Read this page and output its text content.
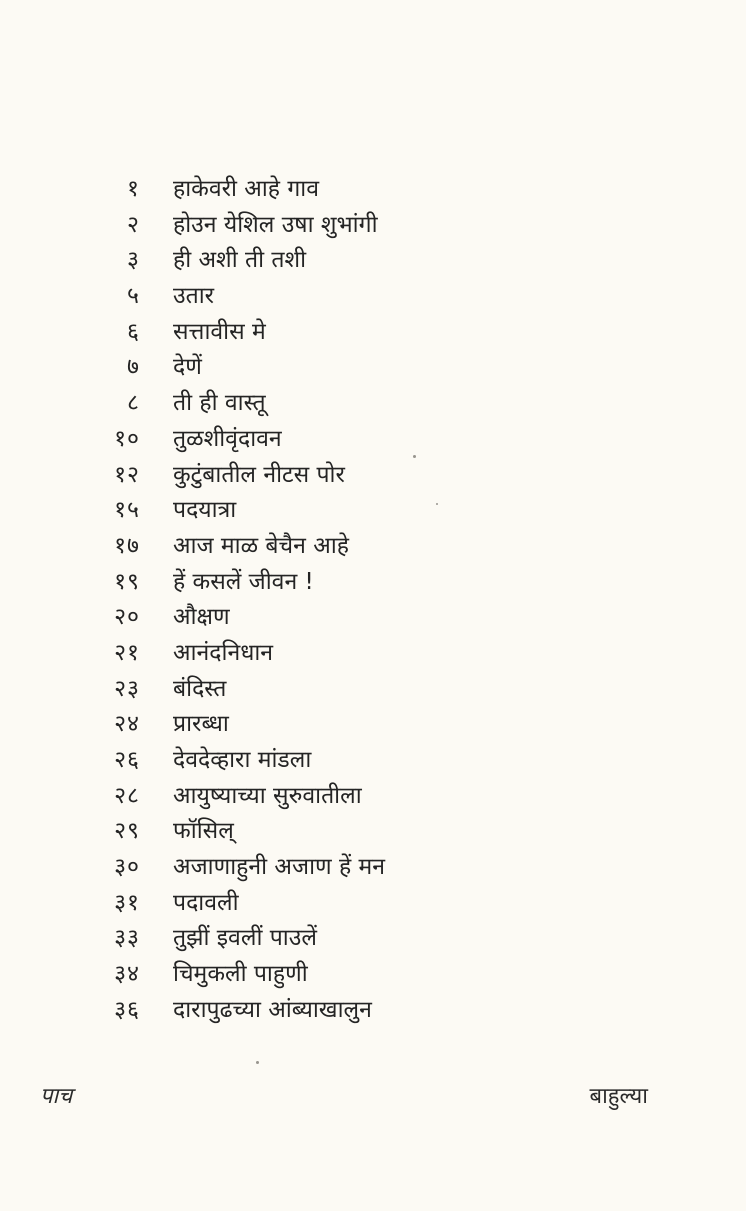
१ हाकेवरी आहे गाव
२ होउन येशिल उषा शुभांगी
३ ही अशी ती तशी
५ उतार
६ सत्तावीस मे
७ देणें
८ ती ही वास्तू
१० तुळशीवृंदावन
१२ कुटुंबातील नीटस पोर
१५ पदयात्रा
१७ आज माळ बेचैन आहे
१९ हें कसलें जीवन !
२० औक्षण
२१ आनंदनिधान
२३ बंदिस्त
२४ प्रारब्धा
२६ देवदेव्हारा मांडला
२८ आयुष्याच्या सुरुवातीला
२९ फॉसिल्
३० अजाणाहुनी अजाण हें मन
३१ पदावली
३३ तुझीं इवलीं पाउलें
३४ चिमुकली पाहुणी
३६ दारापुढच्या आंब्याखालुन
पाच	बाहुल्या
